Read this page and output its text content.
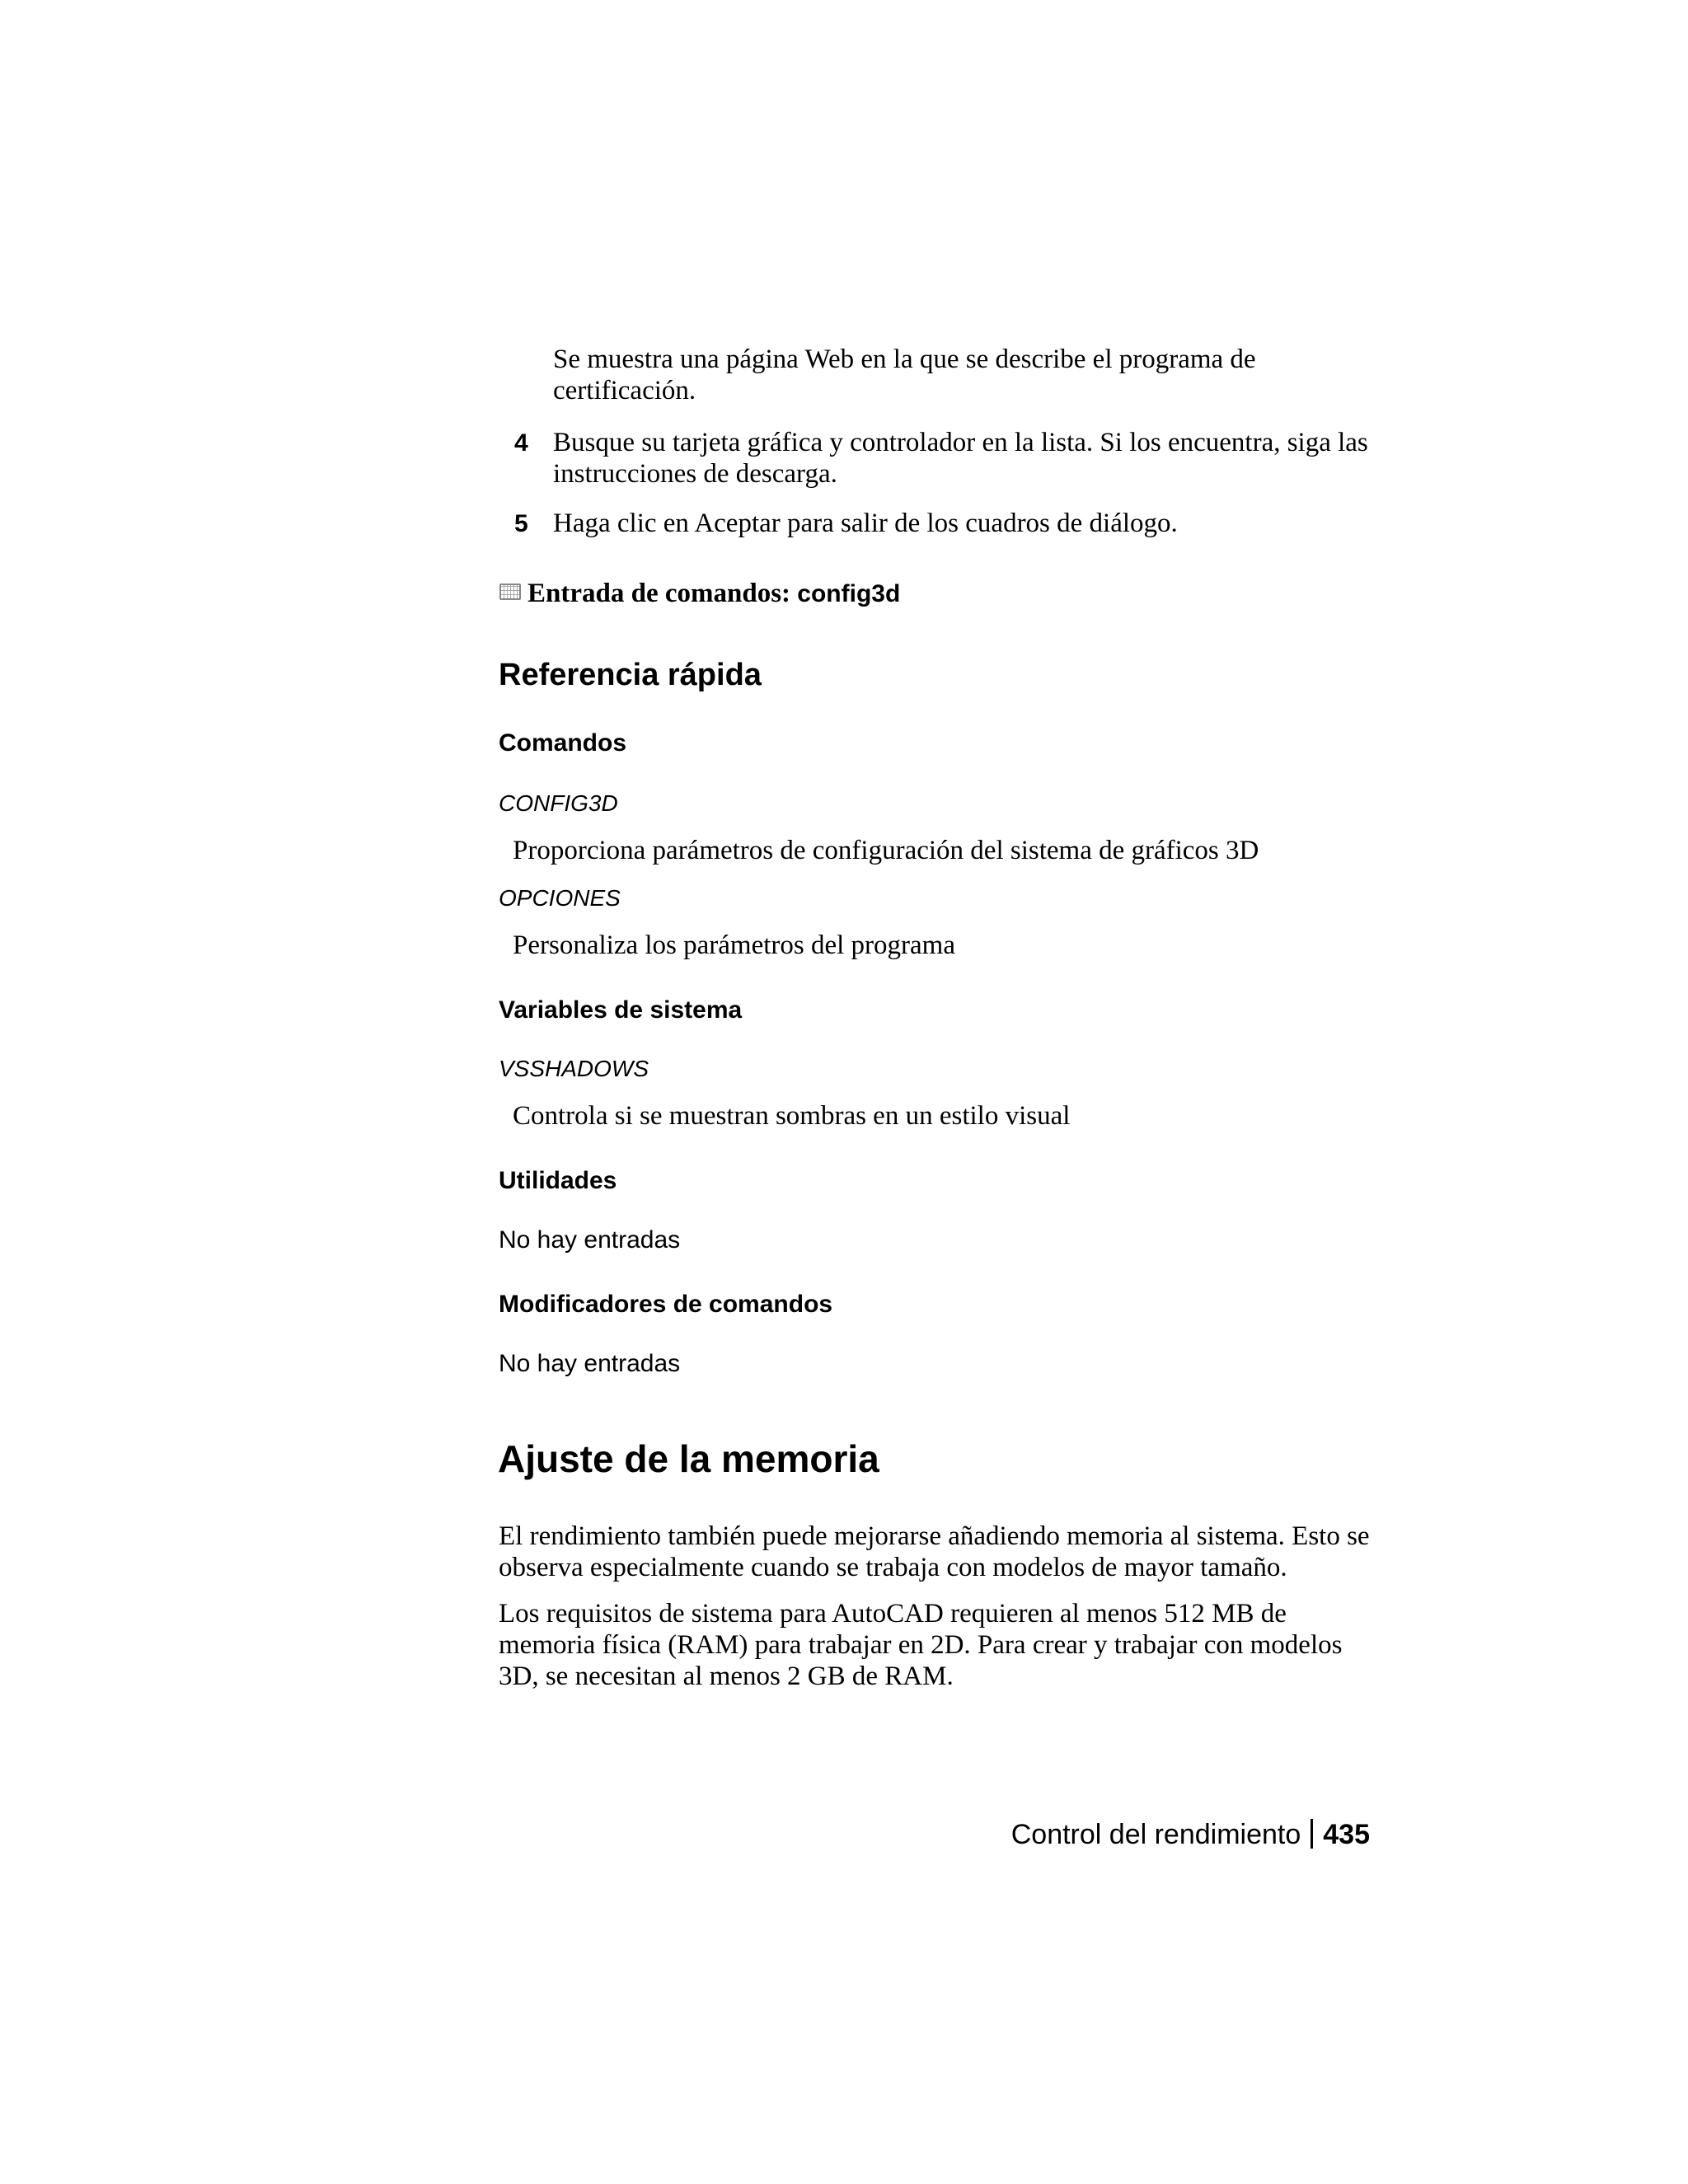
Se muestra una página Web en la que se describe el programa de certificación.
4 Busque su tarjeta gráfica y controlador en la lista. Si los encuentra, siga las instrucciones de descarga.
5 Haga clic en Aceptar para salir de los cuadros de diálogo.
Entrada de comandos: config3d
Referencia rápida
Comandos
CONFIG3D
Proporciona parámetros de configuración del sistema de gráficos 3D
OPCIONES
Personaliza los parámetros del programa
Variables de sistema
VSSHADOWS
Controla si se muestran sombras en un estilo visual
Utilidades
No hay entradas
Modificadores de comandos
No hay entradas
Ajuste de la memoria
El rendimiento también puede mejorarse añadiendo memoria al sistema. Esto se observa especialmente cuando se trabaja con modelos de mayor tamaño.
Los requisitos de sistema para AutoCAD requieren al menos 512 MB de memoria física (RAM) para trabajar en 2D. Para crear y trabajar con modelos 3D, se necesitan al menos 2 GB de RAM.
Control del rendimiento 435
